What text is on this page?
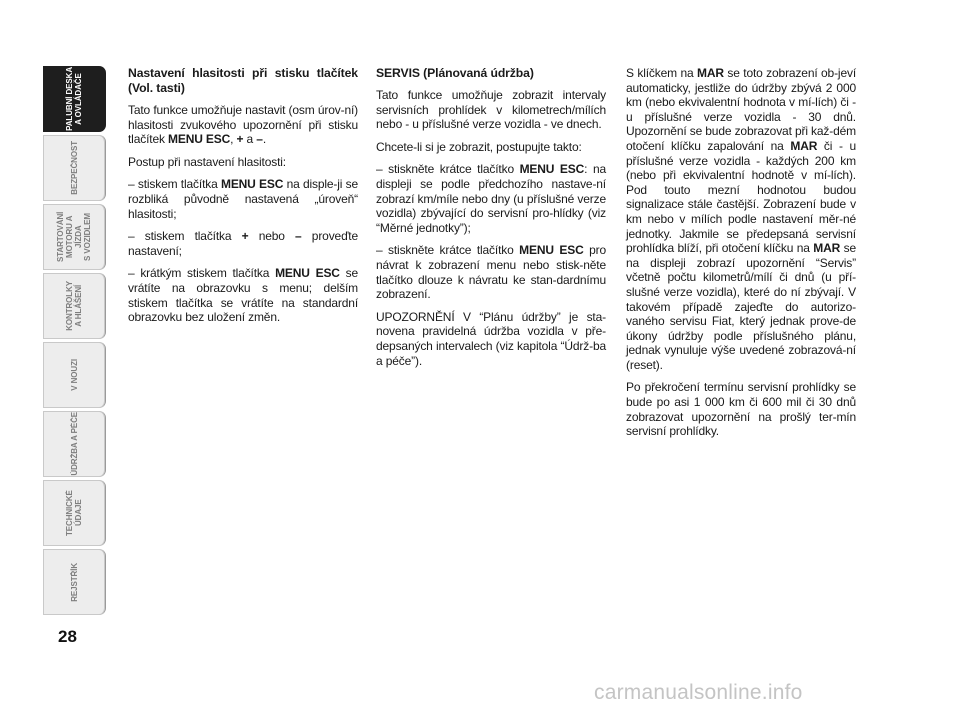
PALUBNÍ DESKA
A OVLÁDAČE
BEZPEČNOST
STARTOVÁNÍ
MOTORU A JÍZDA
S VOZIDLEM
KONTROLKY
A HLÁŠENÍ
V NOUZI
ÚDRŽBA A PÉČE
TECHNICKÉ ÚDAJE
REJSTŘÍK
28
Nastavení hlasitosti při stisku tlačítek (Vol. tasti)

Tato funkce umožňuje nastavit (osm úrov-ní) hlasitosti zvukového upozornění při stisku tlačítek MENU ESC, + a –.

Postup při nastavení hlasitosti:

– stiskem tlačítka MENU ESC na disple-ji se rozbliká původně nastavená „úroveň“ hlasitosti;

– stiskem tlačítka + nebo – proveďte nastavení;

– krátkým stiskem tlačítka MENU ESC se vrátíte na obrazovku s menu; delším stiskem tlačítka se vrátíte na standardní obrazovku bez uložení změn.

SERVIS (Plánovaná údržba)

Tato funkce umožňuje zobrazit intervaly servisních prohlídek v kilometrech/mílích nebo - u příslušné verze vozidla - ve dnech.

Chcete-li si je zobrazit, postupujte takto:

– stiskněte krátce tlačítko MENU ESC: na displeji se podle předchozího nastave-ní zobrazí km/míle nebo dny (u příslušné verze vozidla) zbývající do servisní pro-hlídky (viz “Měrné jednotky”);

– stiskněte krátce tlačítko MENU ESC pro návrat k zobrazení menu nebo stisk-něte tlačítko dlouze k návratu ke stan-dardnímu zobrazení.

UPOZORNĚNÍ V “Plánu údržby” je sta-novena pravidelná údržba vozidla v pře-depsaných intervalech (viz kapitola “Údrž-ba a péče”).

S klíčkem na MAR se toto zobrazení ob-jeví automaticky, jestliže do údržby zbývá 2 000 km (nebo ekvivalentní hodnota v mí-lích) či - u příslušné verze vozidla - 30 dnů. Upozornění se bude zobrazovat při kaž-dém otočení klíčku zapalování na MAR či - u příslušné verze vozidla - každých 200 km (nebo při ekvivalentní hodnotě v mí-lích). Pod touto mezní hodnotou budou signalizace stále častější. Zobrazení bude v km nebo v mílích podle nastavení měr-né jednotky. Jakmile se předepsaná servisní prohlídka blíží, při otočení klíčku na MAR se na displeji zobrazí upozornění “Servis” včetně počtu kilometrů/mílí či dnů (u pří-slušné verze vozidla), které do ní zbývají. V takovém případě zajeďte do autorizo-vaného servisu Fiat, který jednak prove-de úkony údržby podle příslušného plánu, jednak vynuluje výše uvedené zobrazová-ní (reset).

Po překročení termínu servisní prohlídky se bude po asi 1 000 km či 600 mil či 30 dnů zobrazovat upozornění na prošlý ter-mín servisní prohlídky.

carmanualsonline.info
